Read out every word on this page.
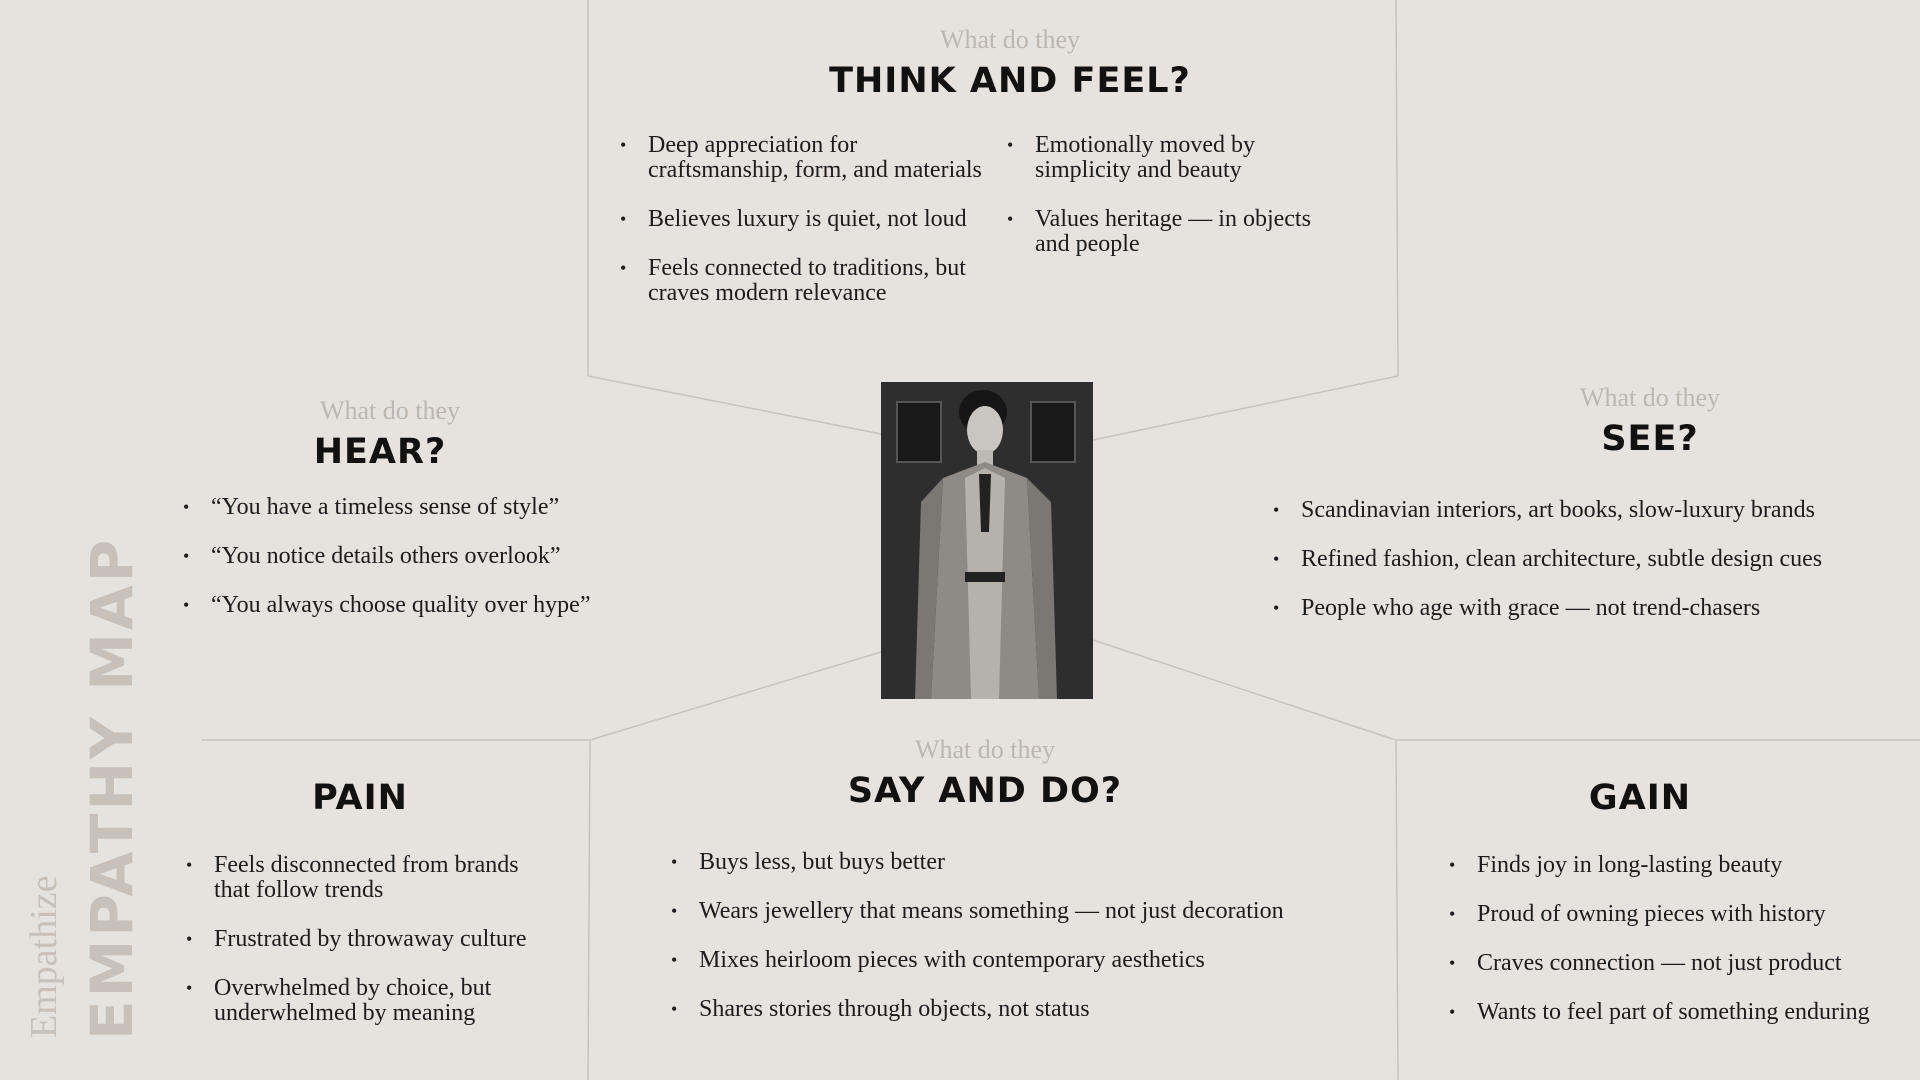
Empathize EMPATHY MAP
What do they
THINK AND FEEL?
• Deep appreciation for craftsmanship, form, and materials
• Believes luxury is quiet, not loud
• Feels connected to traditions, but craves modern relevance
• Emotionally moved by simplicity and beauty
• Values heritage — in objects and people
What do they
HEAR?
• “You have a timeless sense of style”
• “You notice details others overlook”
• “You always choose quality over hype”
What do they
SEE?
• Scandinavian interiors, art books, slow-luxury brands
• Refined fashion, clean architecture, subtle design cues
• People who age with grace — not trend-chasers
PAIN
• Feels disconnected from brands that follow trends
• Frustrated by throwaway culture
• Overwhelmed by choice, but underwhelmed by meaning
What do they
SAY AND DO?
• Buys less, but buys better
• Wears jewellery that means something — not just decoration
• Mixes heirloom pieces with contemporary aesthetics
• Shares stories through objects, not status
GAIN
• Finds joy in long-lasting beauty
• Proud of owning pieces with history
• Craves connection — not just product
• Wants to feel part of something enduring
